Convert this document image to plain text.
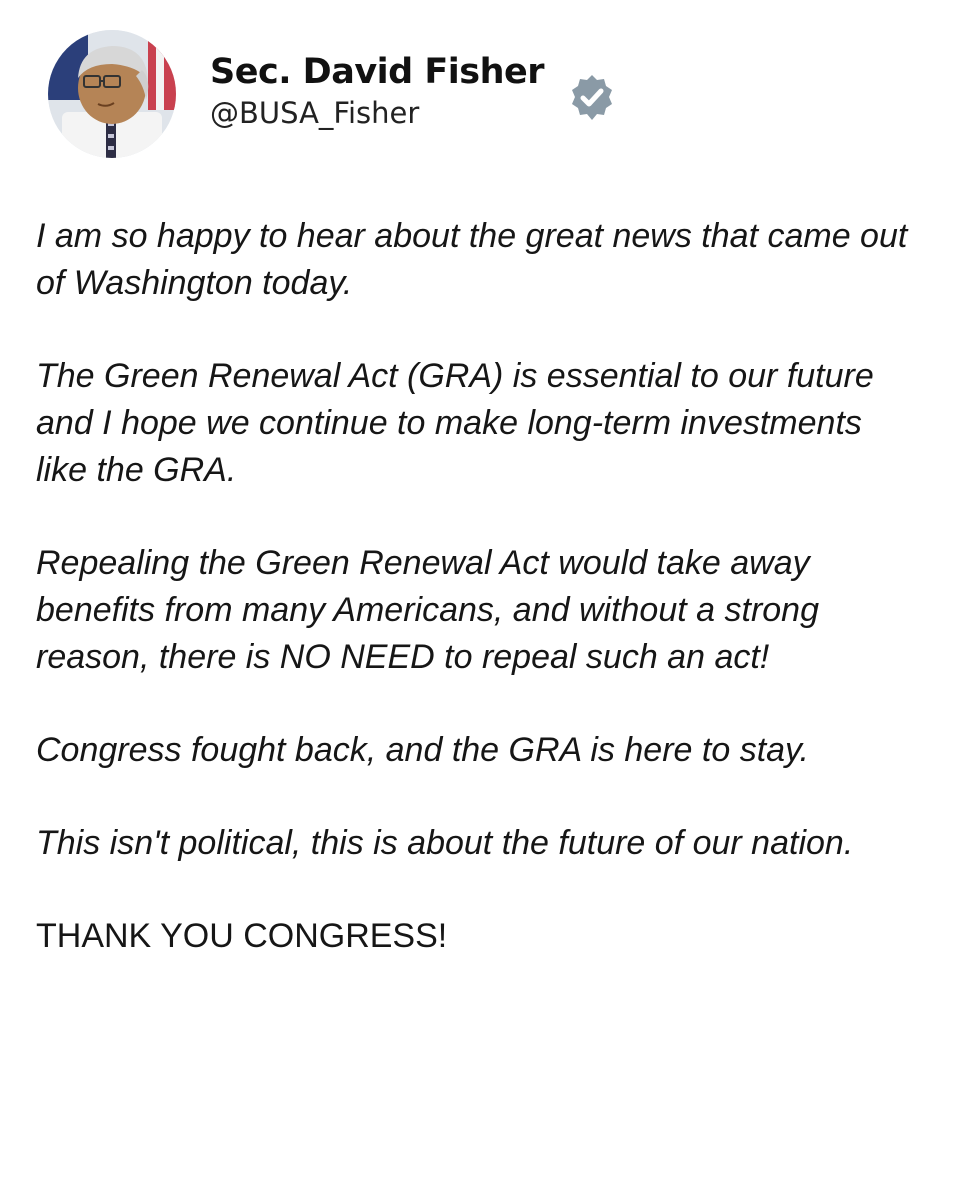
Sec. David Fisher
@BUSA_Fisher

I am so happy to hear about the great news that came out of Washington today.

The Green Renewal Act (GRA) is essential to our future and I hope we continue to make long-term investments like the GRA.

Repealing the Green Renewal Act would take away benefits from many Americans, and without a strong reason, there is NO NEED to repeal such an act!

Congress fought back, and the GRA is here to stay.

This isn't political, this is about the future of our nation.

THANK YOU CONGRESS!
